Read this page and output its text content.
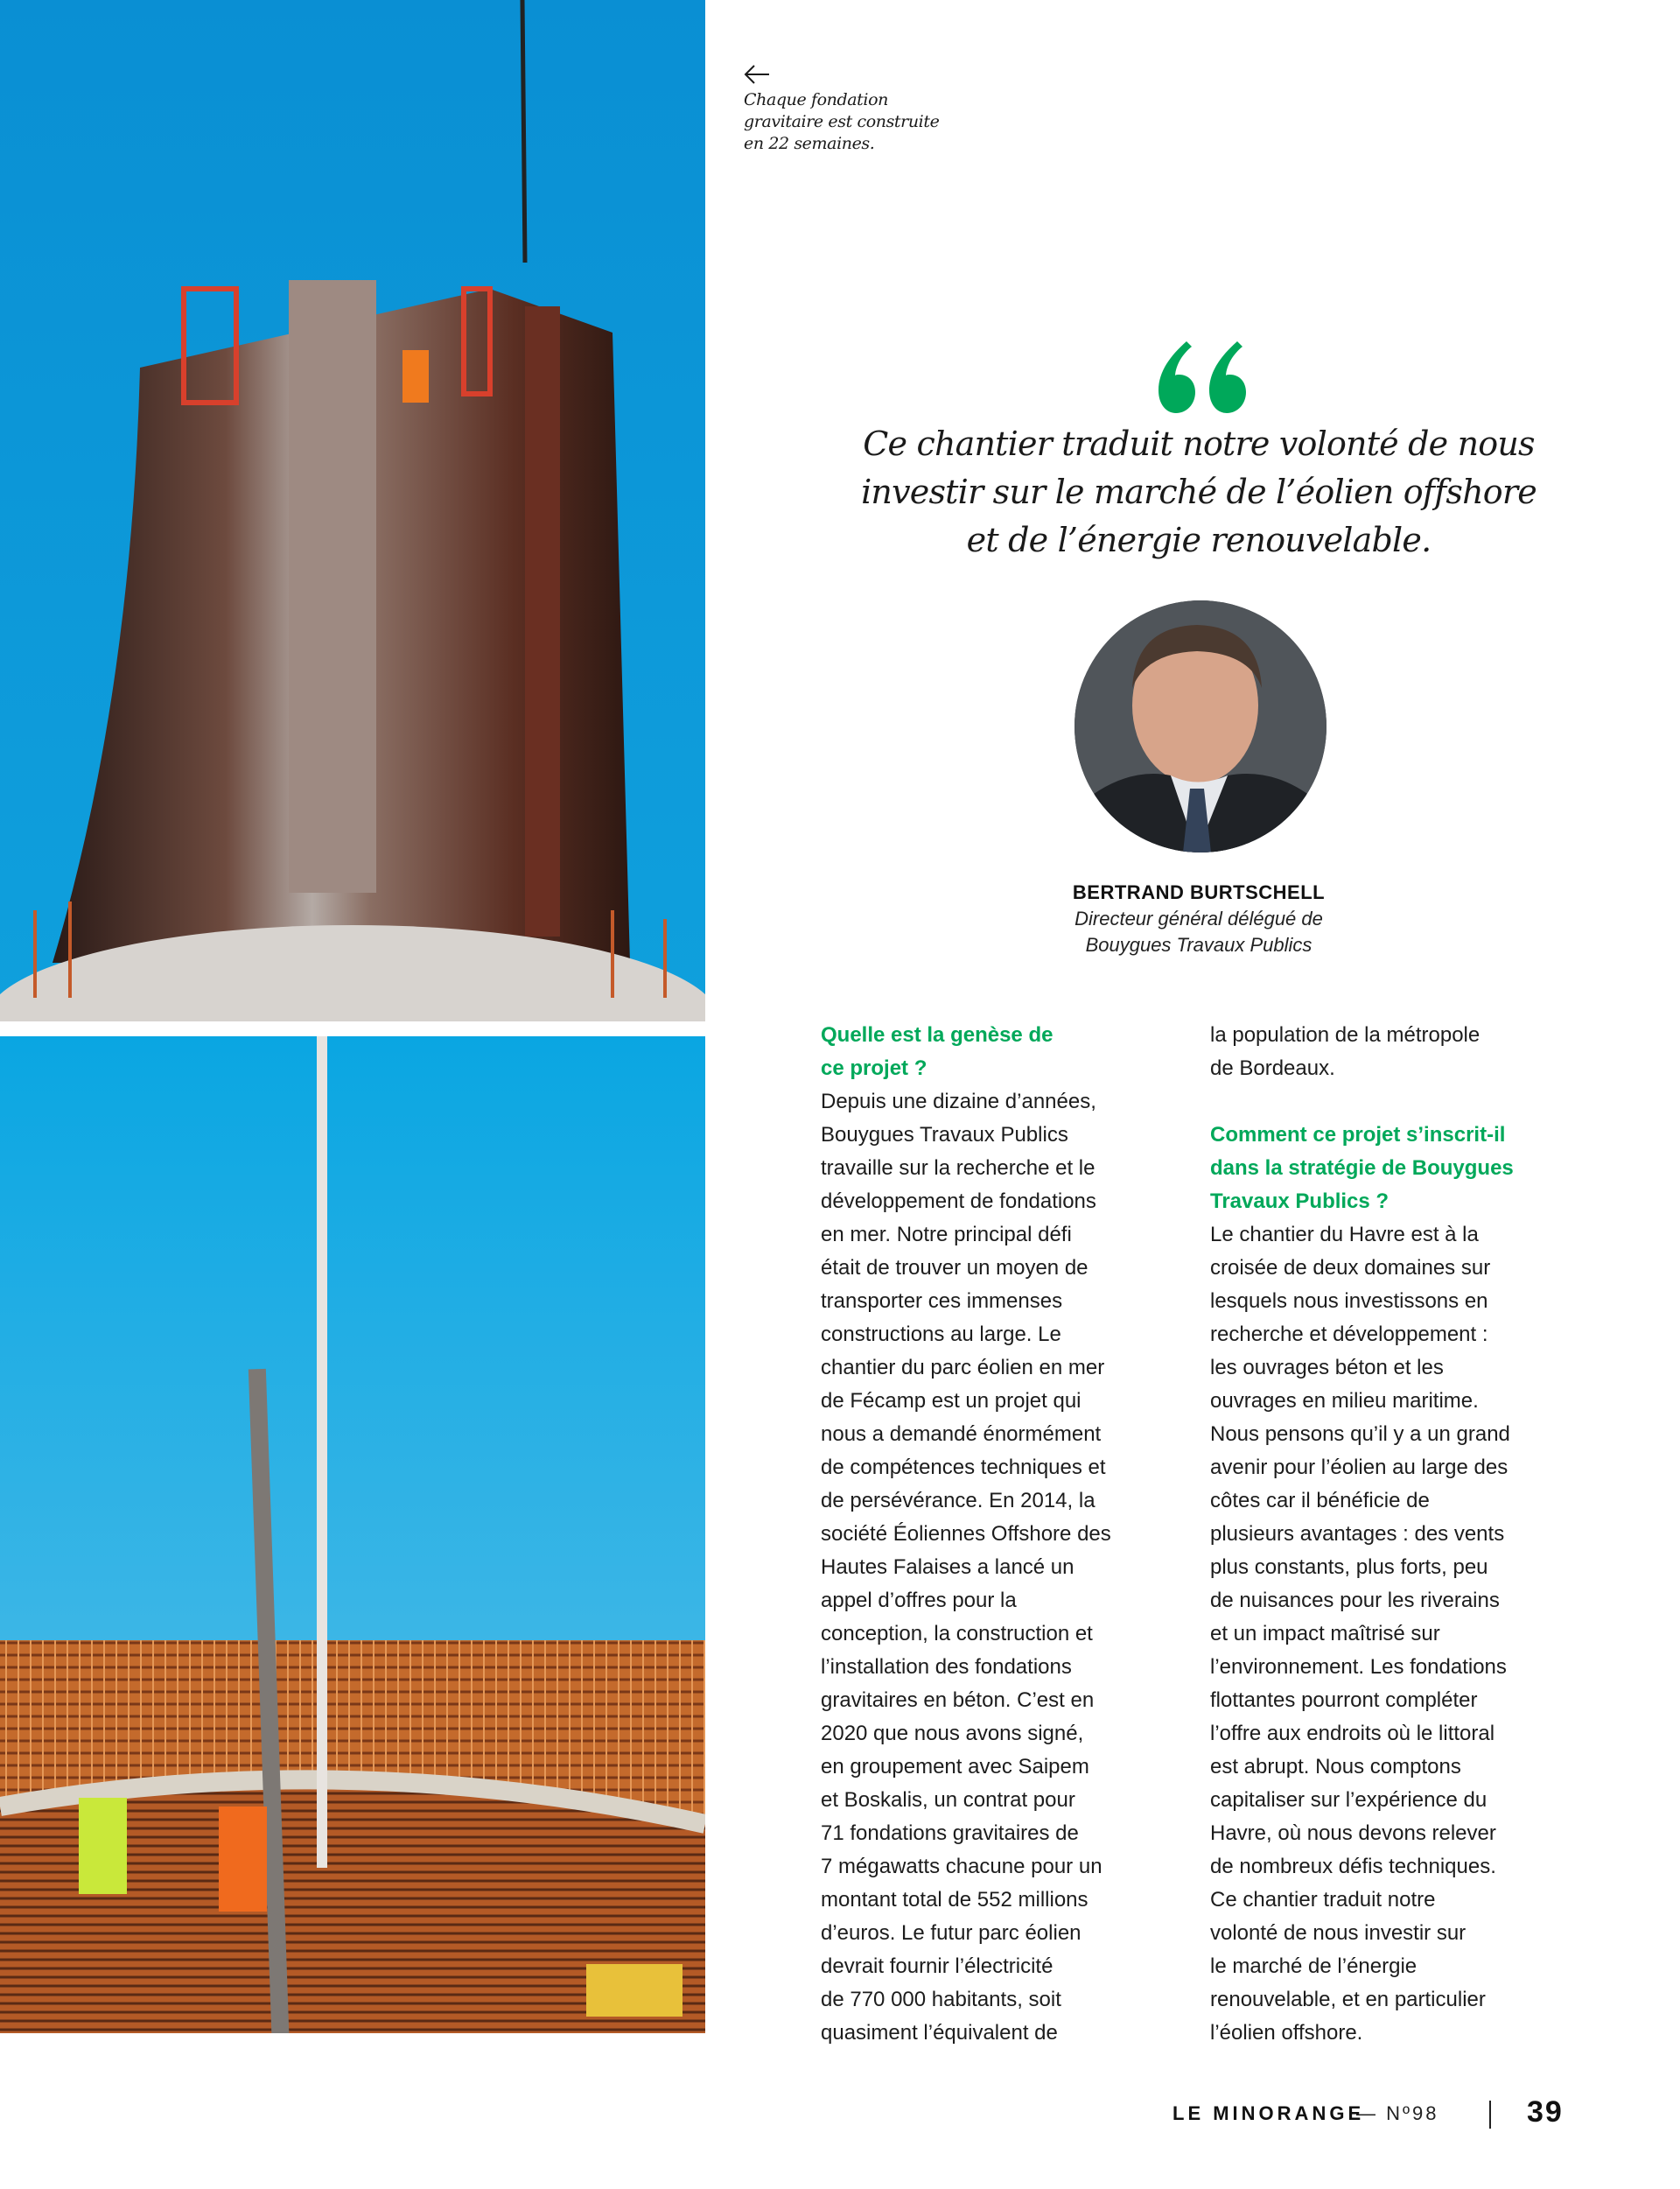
Chaque fondation
gravitaire est construite
en 22 semaines.
Ce chantier traduit notre volonté de nous
investir sur le marché de l’éolien offshore
et de l’énergie renouvelable.
BERTRAND BURTSCHELL
Directeur général délégué de
Bouygues Travaux Publics
Quelle est la genèse de
ce projet ?
Depuis une dizaine d’années,
Bouygues Travaux Publics
travaille sur la recherche et le
développement de fondations
en mer. Notre principal défi
était de trouver un moyen de
transporter ces immenses
constructions au large. Le
chantier du parc éolien en mer
de Fécamp est un projet qui
nous a demandé énormément
de compétences techniques et
de persévérance. En 2014, la
société Éoliennes Offshore des
Hautes Falaises a lancé un
appel d’offres pour la
conception, la construction et
l’installation des fondations
gravitaires en béton. C’est en
2020 que nous avons signé,
en groupement avec Saipem
et Boskalis, un contrat pour
71 fondations gravitaires de
7 mégawatts chacune pour un
montant total de 552 millions
d’euros. Le futur parc éolien
devrait fournir l’électricité
de 770 000 habitants, soit
quasiment l’équivalent de
la population de la métropole
de Bordeaux.
Comment ce projet s’inscrit-il
dans la stratégie de Bouygues
Travaux Publics ?
Le chantier du Havre est à la
croisée de deux domaines sur
lesquels nous investissons en
recherche et développement :
les ouvrages béton et les
ouvrages en milieu maritime.
Nous pensons qu’il y a un grand
avenir pour l’éolien au large des
côtes car il bénéficie de
plusieurs avantages : des vents
plus constants, plus forts, peu
de nuisances pour les riverains
et un impact maîtrisé sur
l’environnement. Les fondations
flottantes pourront compléter
l’offre aux endroits où le littoral
est abrupt. Nous comptons
capitaliser sur l’expérience du
Havre, où nous devons relever
de nombreux défis techniques.
Ce chantier traduit notre
volonté de nous investir sur
le marché de l’énergie
renouvelable, et en particulier
l’éolien offshore.
LE MINORANGE
— Nº98	39
